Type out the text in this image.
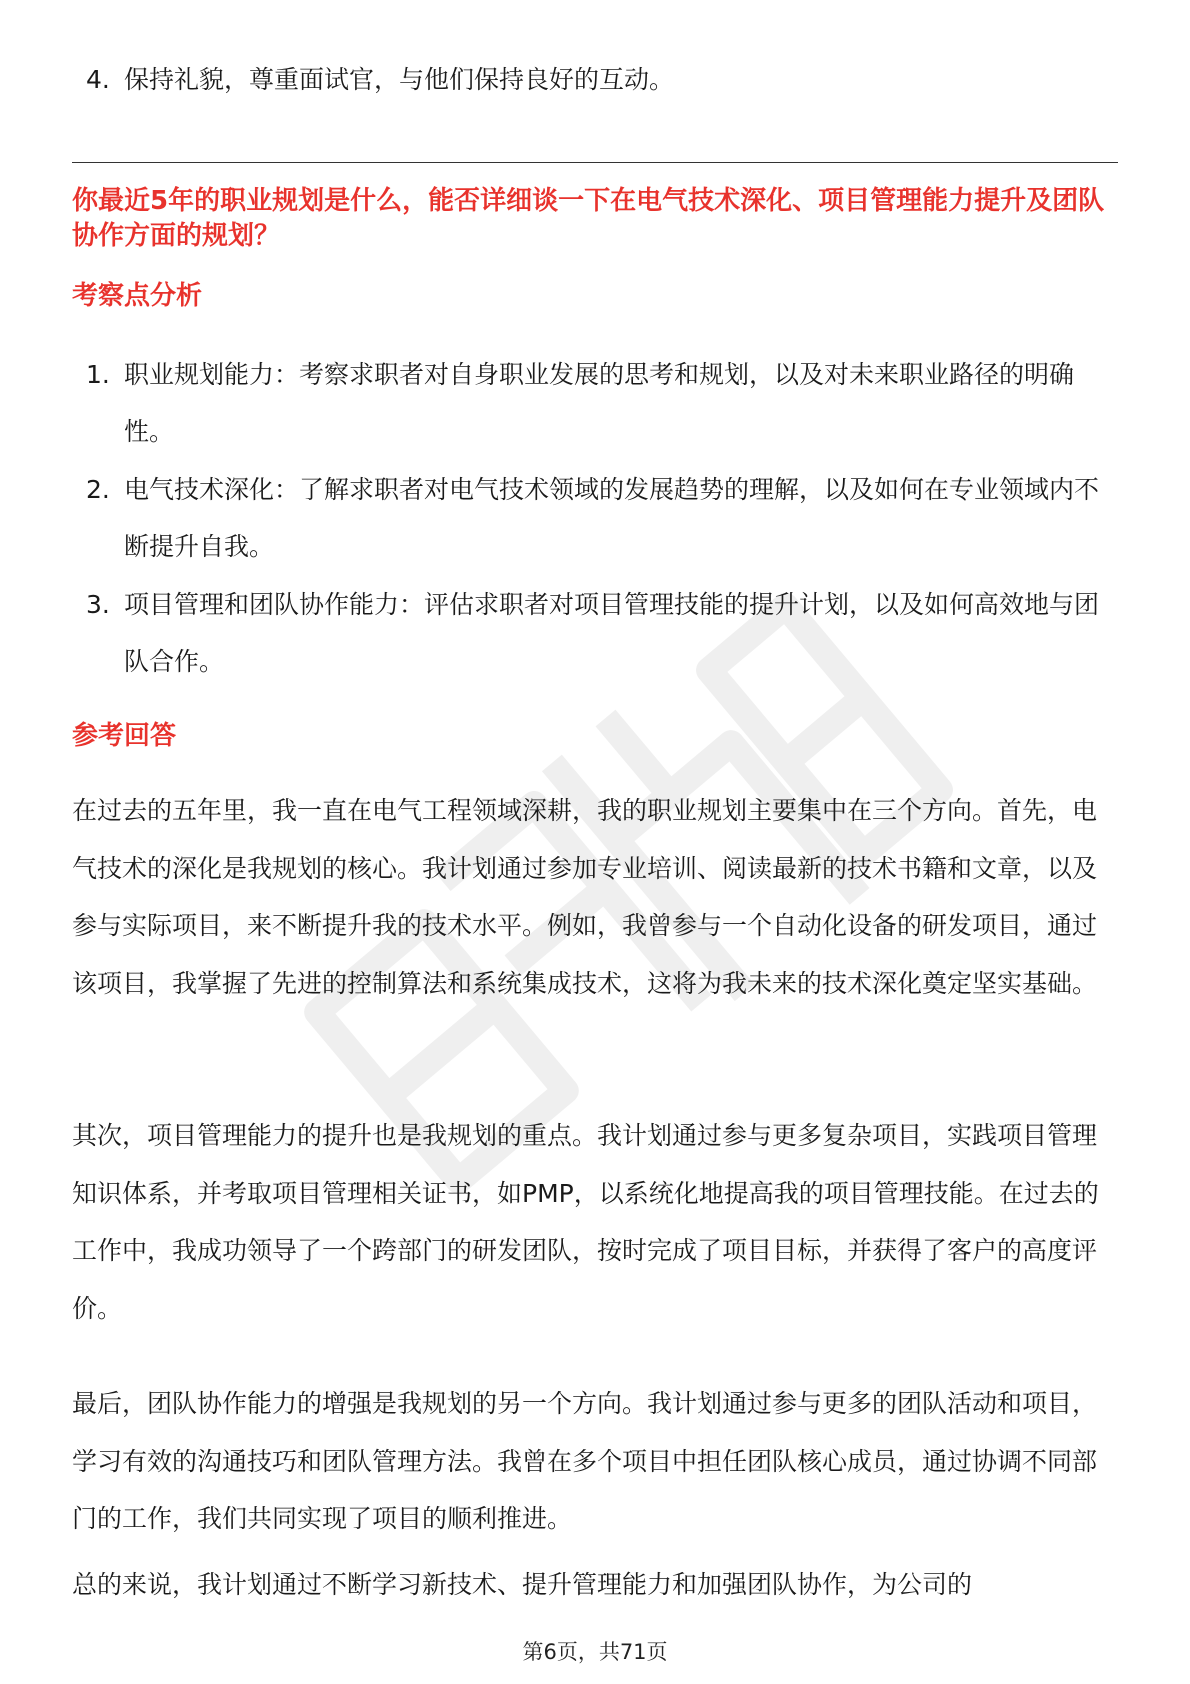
4. 保持礼貌，尊重面试官，与他们保持良好的互动。
你最近5年的职业规划是什么，能否详细谈一下在电气技术深化、项目管理能力提升及团队协作方面的规划？
考察点分析
1. 职业规划能力：考察求职者对自身职业发展的思考和规划，以及对未来职业路径的明确性。
2. 电气技术深化：了解求职者对电气技术领域的发展趋势的理解，以及如何在专业领域内不断提升自我。
3. 项目管理和团队协作能力：评估求职者对项目管理技能的提升计划，以及如何高效地与团队合作。
参考回答

在过去的五年里，我一直在电气工程领域深耕，我的职业规划主要集中在三个方向。首先，电气技术的深化是我规划的核心。我计划通过参加专业培训、阅读最新的技术书籍和文章，以及参与实际项目，来不断提升我的技术水平。例如，我曾参与一个自动化设备的研发项目，通过该项目，我掌握了先进的控制算法和系统集成技术，这将为我未来的技术深化奠定坚实基础。

其次，项目管理能力的提升也是我规划的重点。我计划通过参与更多复杂项目，实践项目管理知识体系，并考取项目管理相关证书，如PMP，以系统化地提高我的项目管理技能。在过去的工作中，我成功领导了一个跨部门的研发团队，按时完成了项目目标，并获得了客户的高度评价。

最后，团队协作能力的增强是我规划的另一个方向。我计划通过参与更多的团队活动和项目，学习有效的沟通技巧和团队管理方法。我曾在多个项目中担任团队核心成员，通过协调不同部门的工作，我们共同实现了项目的顺利推进。

总的来说，我计划通过不断学习新技术、提升管理能力和加强团队协作，为公司的

第6页，共71页
